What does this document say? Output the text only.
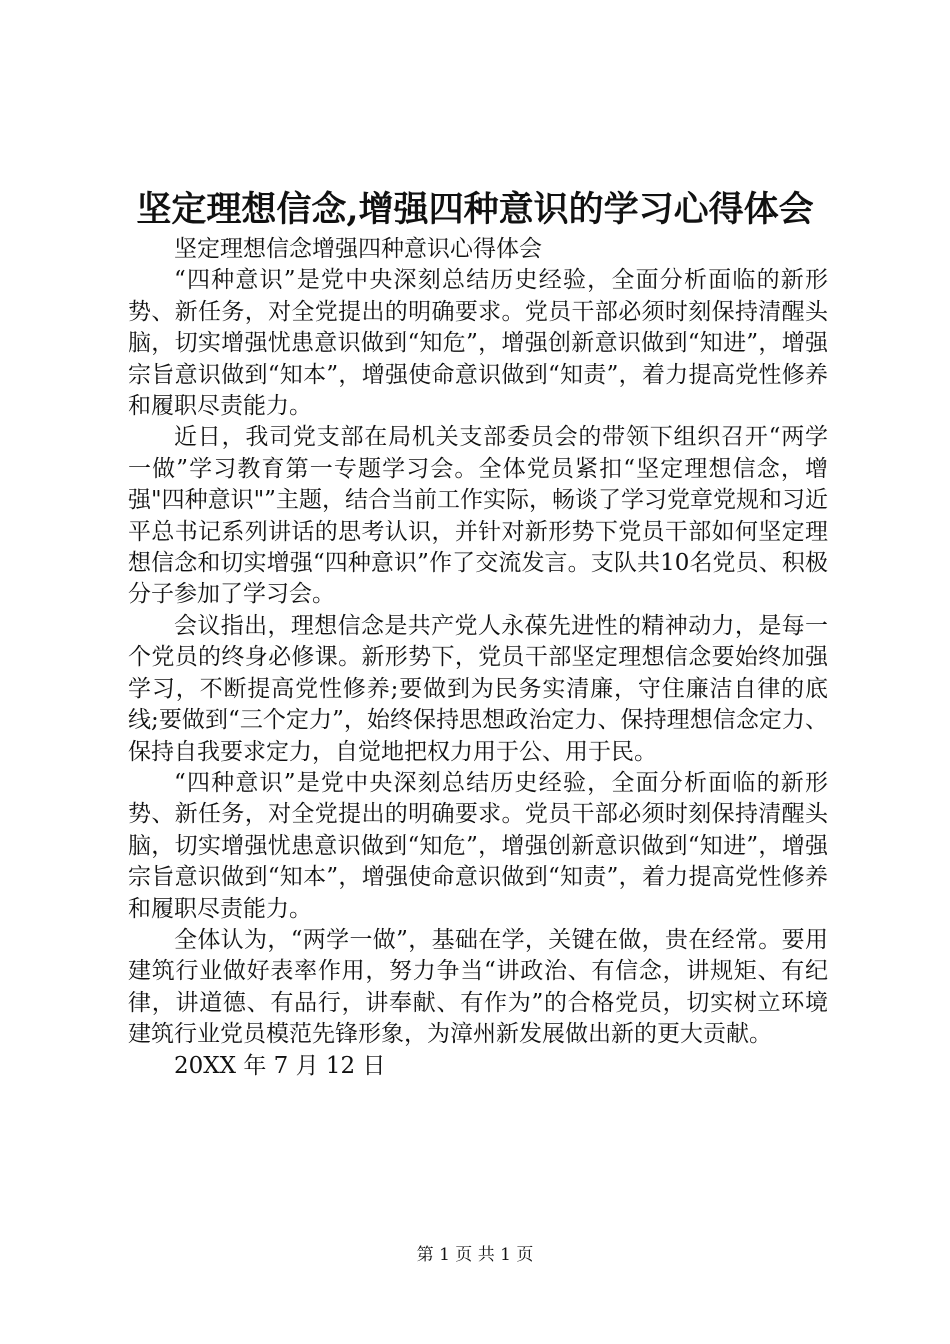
坚定理想信念,增强四种意识的学习心得体会

坚定理想信念增强四种意识心得体会

“四种意识”是党中央深刻总结历史经验，全面分析面临的新形势、新任务，对全党提出的明确要求。党员干部必须时刻保持清醒头脑，切实增强忧患意识做到“知危”，增强创新意识做到“知进”，增强宗旨意识做到“知本”，增强使命意识做到“知责”，着力提高党性修养和履职尽责能力。

近日，我司党支部在局机关支部委员会的带领下组织召开“两学一做”学习教育第一专题学习会。全体党员紧扣“坚定理想信念，增强"四种意识"”主题，结合当前工作实际，畅谈了学习党章党规和习近平总书记系列讲话的思考认识，并针对新形势下党员干部如何坚定理想信念和切实增强“四种意识”作了交流发言。支队共10名党员、积极分子参加了学习会。

会议指出，理想信念是共产党人永葆先进性的精神动力，是每一个党员的终身必修课。新形势下，党员干部坚定理想信念要始终加强学习，不断提高党性修养;要做到为民务实清廉，守住廉洁自律的底线;要做到“三个定力”，始终保持思想政治定力、保持理想信念定力、保持自我要求定力，自觉地把权力用于公、用于民。

“四种意识”是党中央深刻总结历史经验，全面分析面临的新形势、新任务，对全党提出的明确要求。党员干部必须时刻保持清醒头脑，切实增强忧患意识做到“知危”，增强创新意识做到“知进”，增强宗旨意识做到“知本”，增强使命意识做到“知责”，着力提高党性修养和履职尽责能力。

全体认为，“两学一做”，基础在学，关键在做，贵在经常。要用建筑行业做好表率作用，努力争当“讲政治、有信念，讲规矩、有纪律，讲道德、有品行，讲奉献、有作为”的合格党员，切实树立环境建筑行业党员模范先锋形象，为漳州新发展做出新的更大贡献。

20XX 年 7 月 12 日

第 1 页 共 1 页
